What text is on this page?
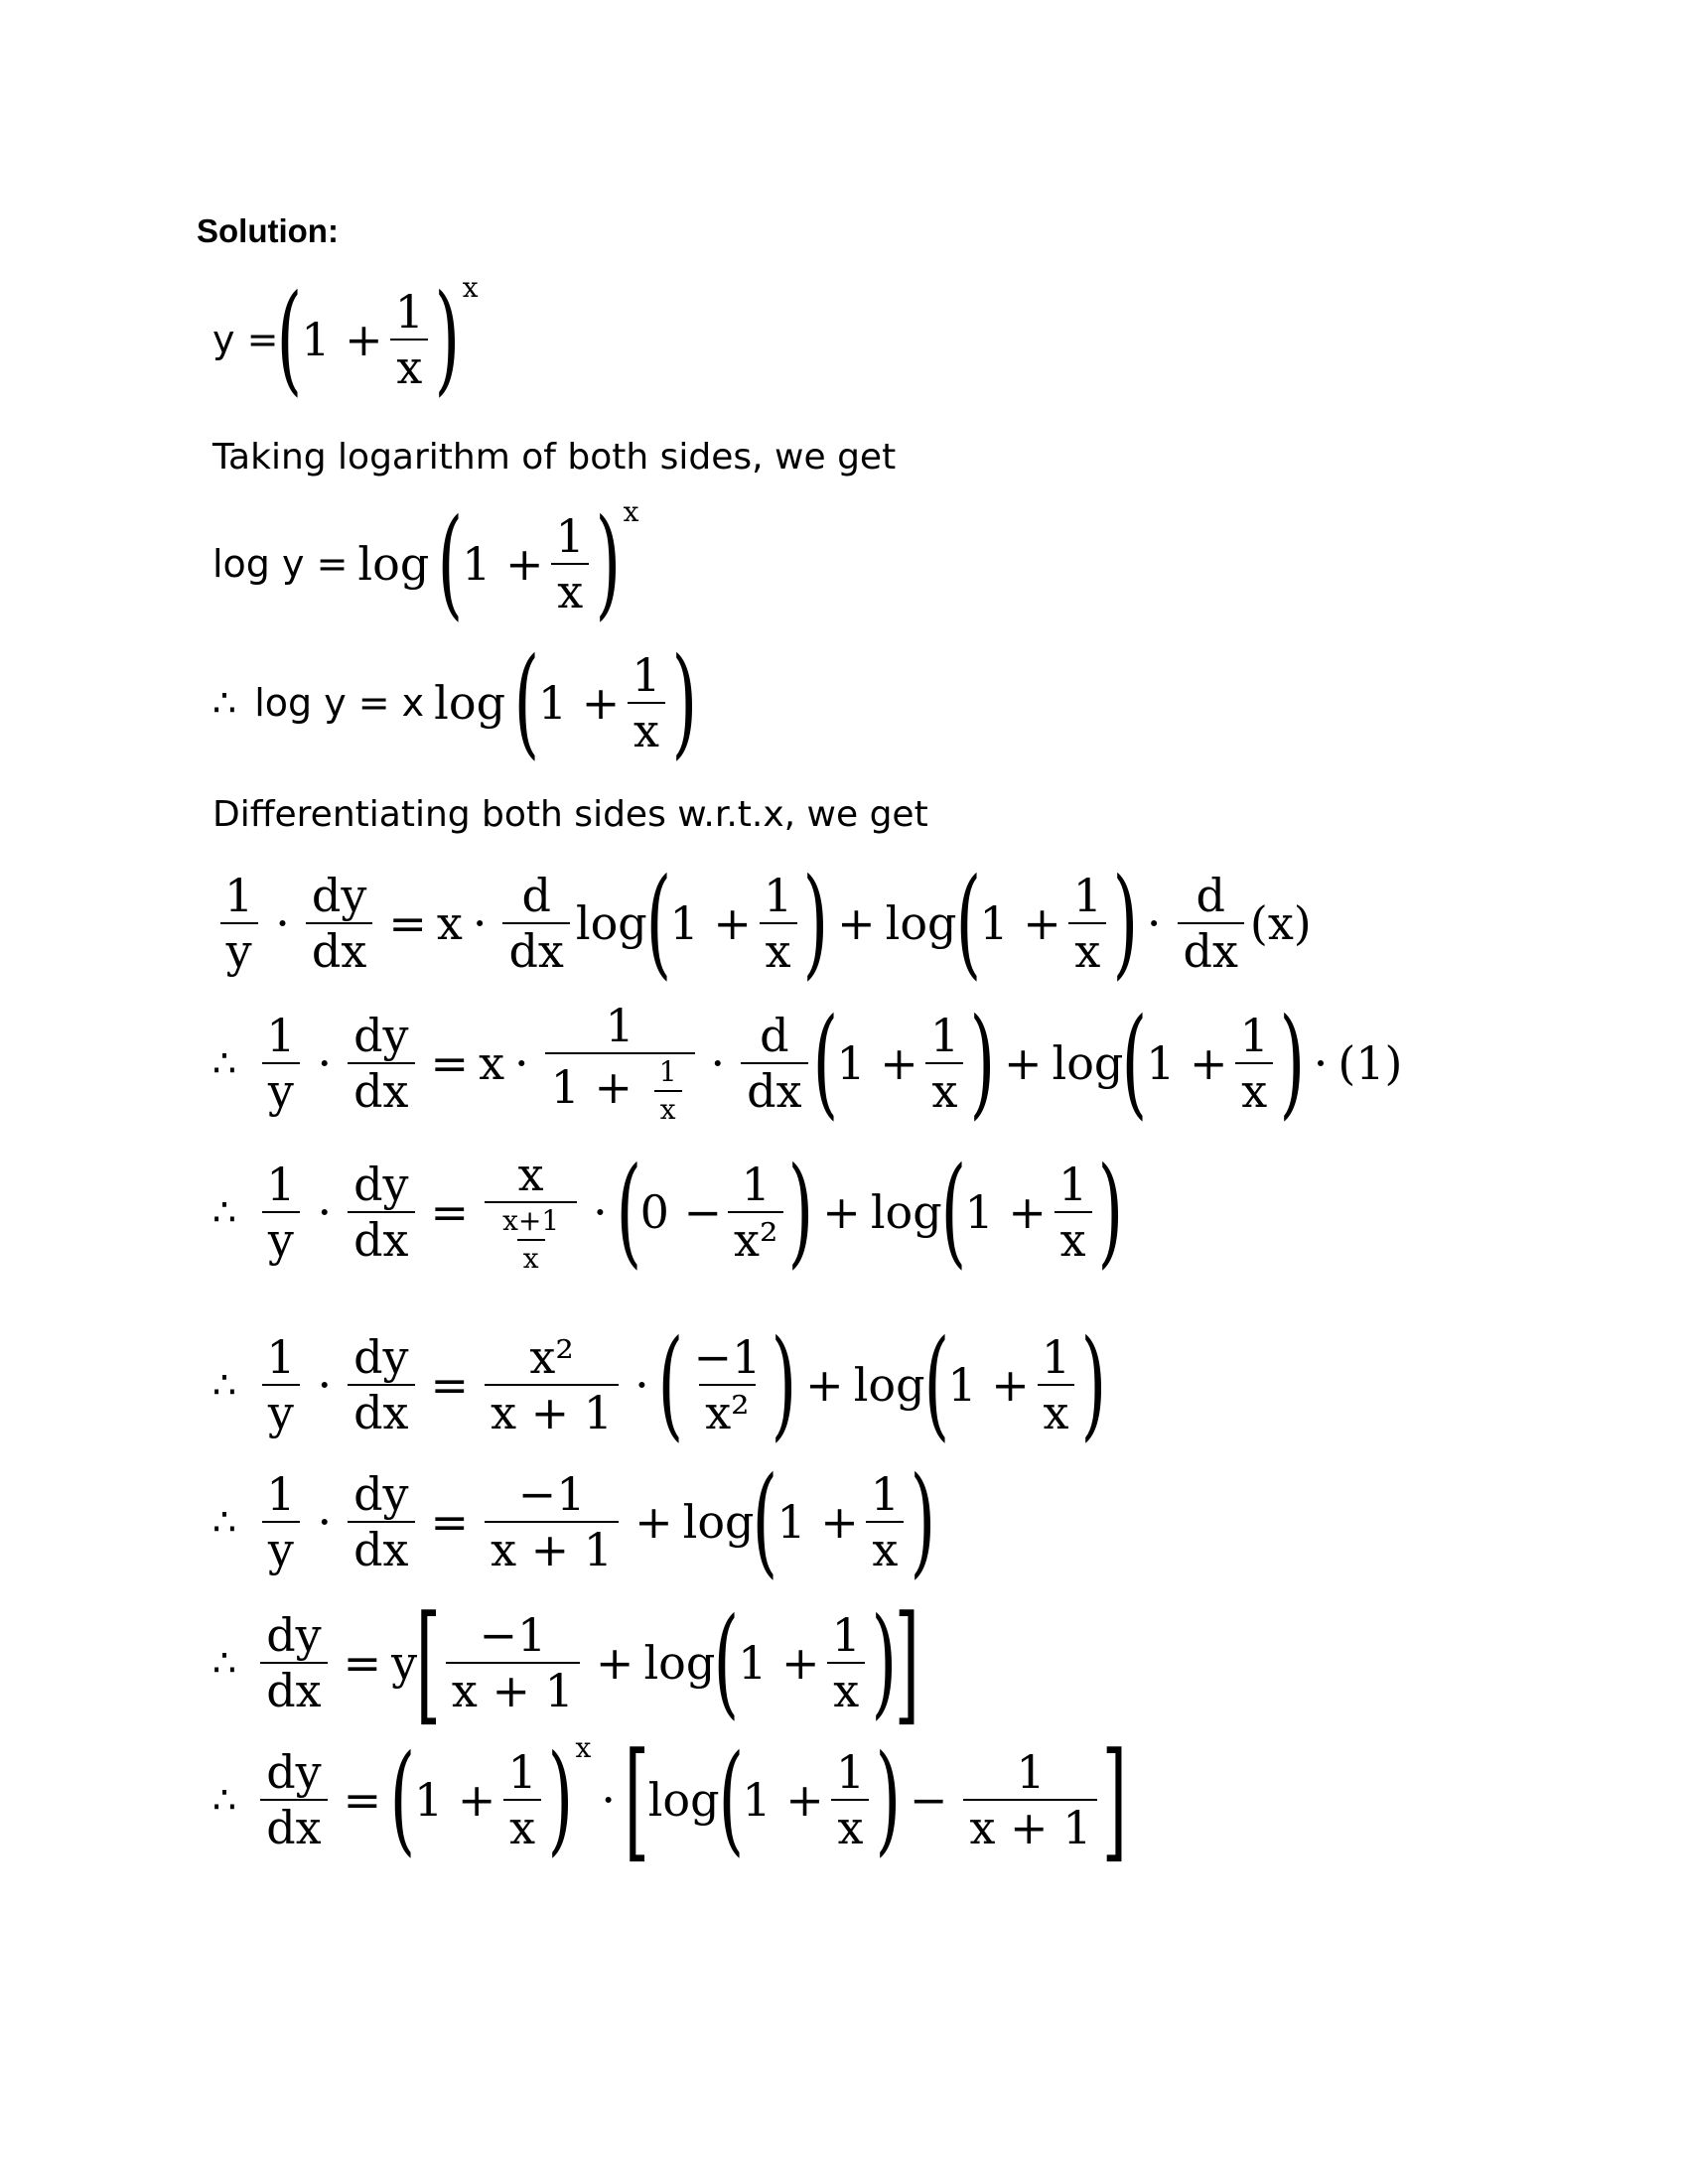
Solution:
y =
(
$1 + \frac{1}{x}$ ) x
Taking logarithm of both sides, we get
log y = log (
$1 + \frac{1}{x}$ ) x
∴ log y = x log (
$1 + \frac{1}{x}$ )
Differentiating both sides w.r.t.x, we get
$\frac{1}{y} \cdot \frac{dy}{dx} = x \cdot \frac{d}{dx}$ log
(
$1 + \frac{1}{x}$ ) + log
(
$1 + \frac{1}{x}$ ) · $\frac{d}{dx} (x)$
∴ $\frac{1}{y} \cdot \frac{dy}{dx} = x \cdot \frac{1}{1 + \frac{1}{x}} \cdot \frac{d}{dx}$ (
$1 + \frac{1}{x}$ ) + log
(
$1 + \frac{1}{x}$ ) · (1)
∴ $\frac{1}{y} \cdot \frac{dy}{dx} = \frac{x}{\frac{x+1}{x}}$ · (
$0 - \frac{1}{\text{x²}}$ ) + log
(
$1 + \frac{1}{x}$ )
∴ $\frac{1}{y} \cdot \frac{dy}{dx} = \frac{\text{x²}}{x + 1}$ · ( $\frac{-1}{\text{x²}}$ ) + log
(
$1 + \frac{1}{x}$ )
∴ $\frac{1}{y} \cdot \frac{dy}{dx} = \frac{-1}{x + 1} + \log$
(
$1 + \frac{1}{x}$ )
∴ $\frac{dy}{dx} = y$
[ $\frac{-1}{x + 1} + \log$
(
$1 + \frac{1}{x}$ )
]
∴ $\frac{dy}{dx}$ = (
$1 + \frac{1}{x}$ ) x
· [
log
(
$1 + \frac{1}{x}$ ) − $\frac{1}{x + 1}$ ]
